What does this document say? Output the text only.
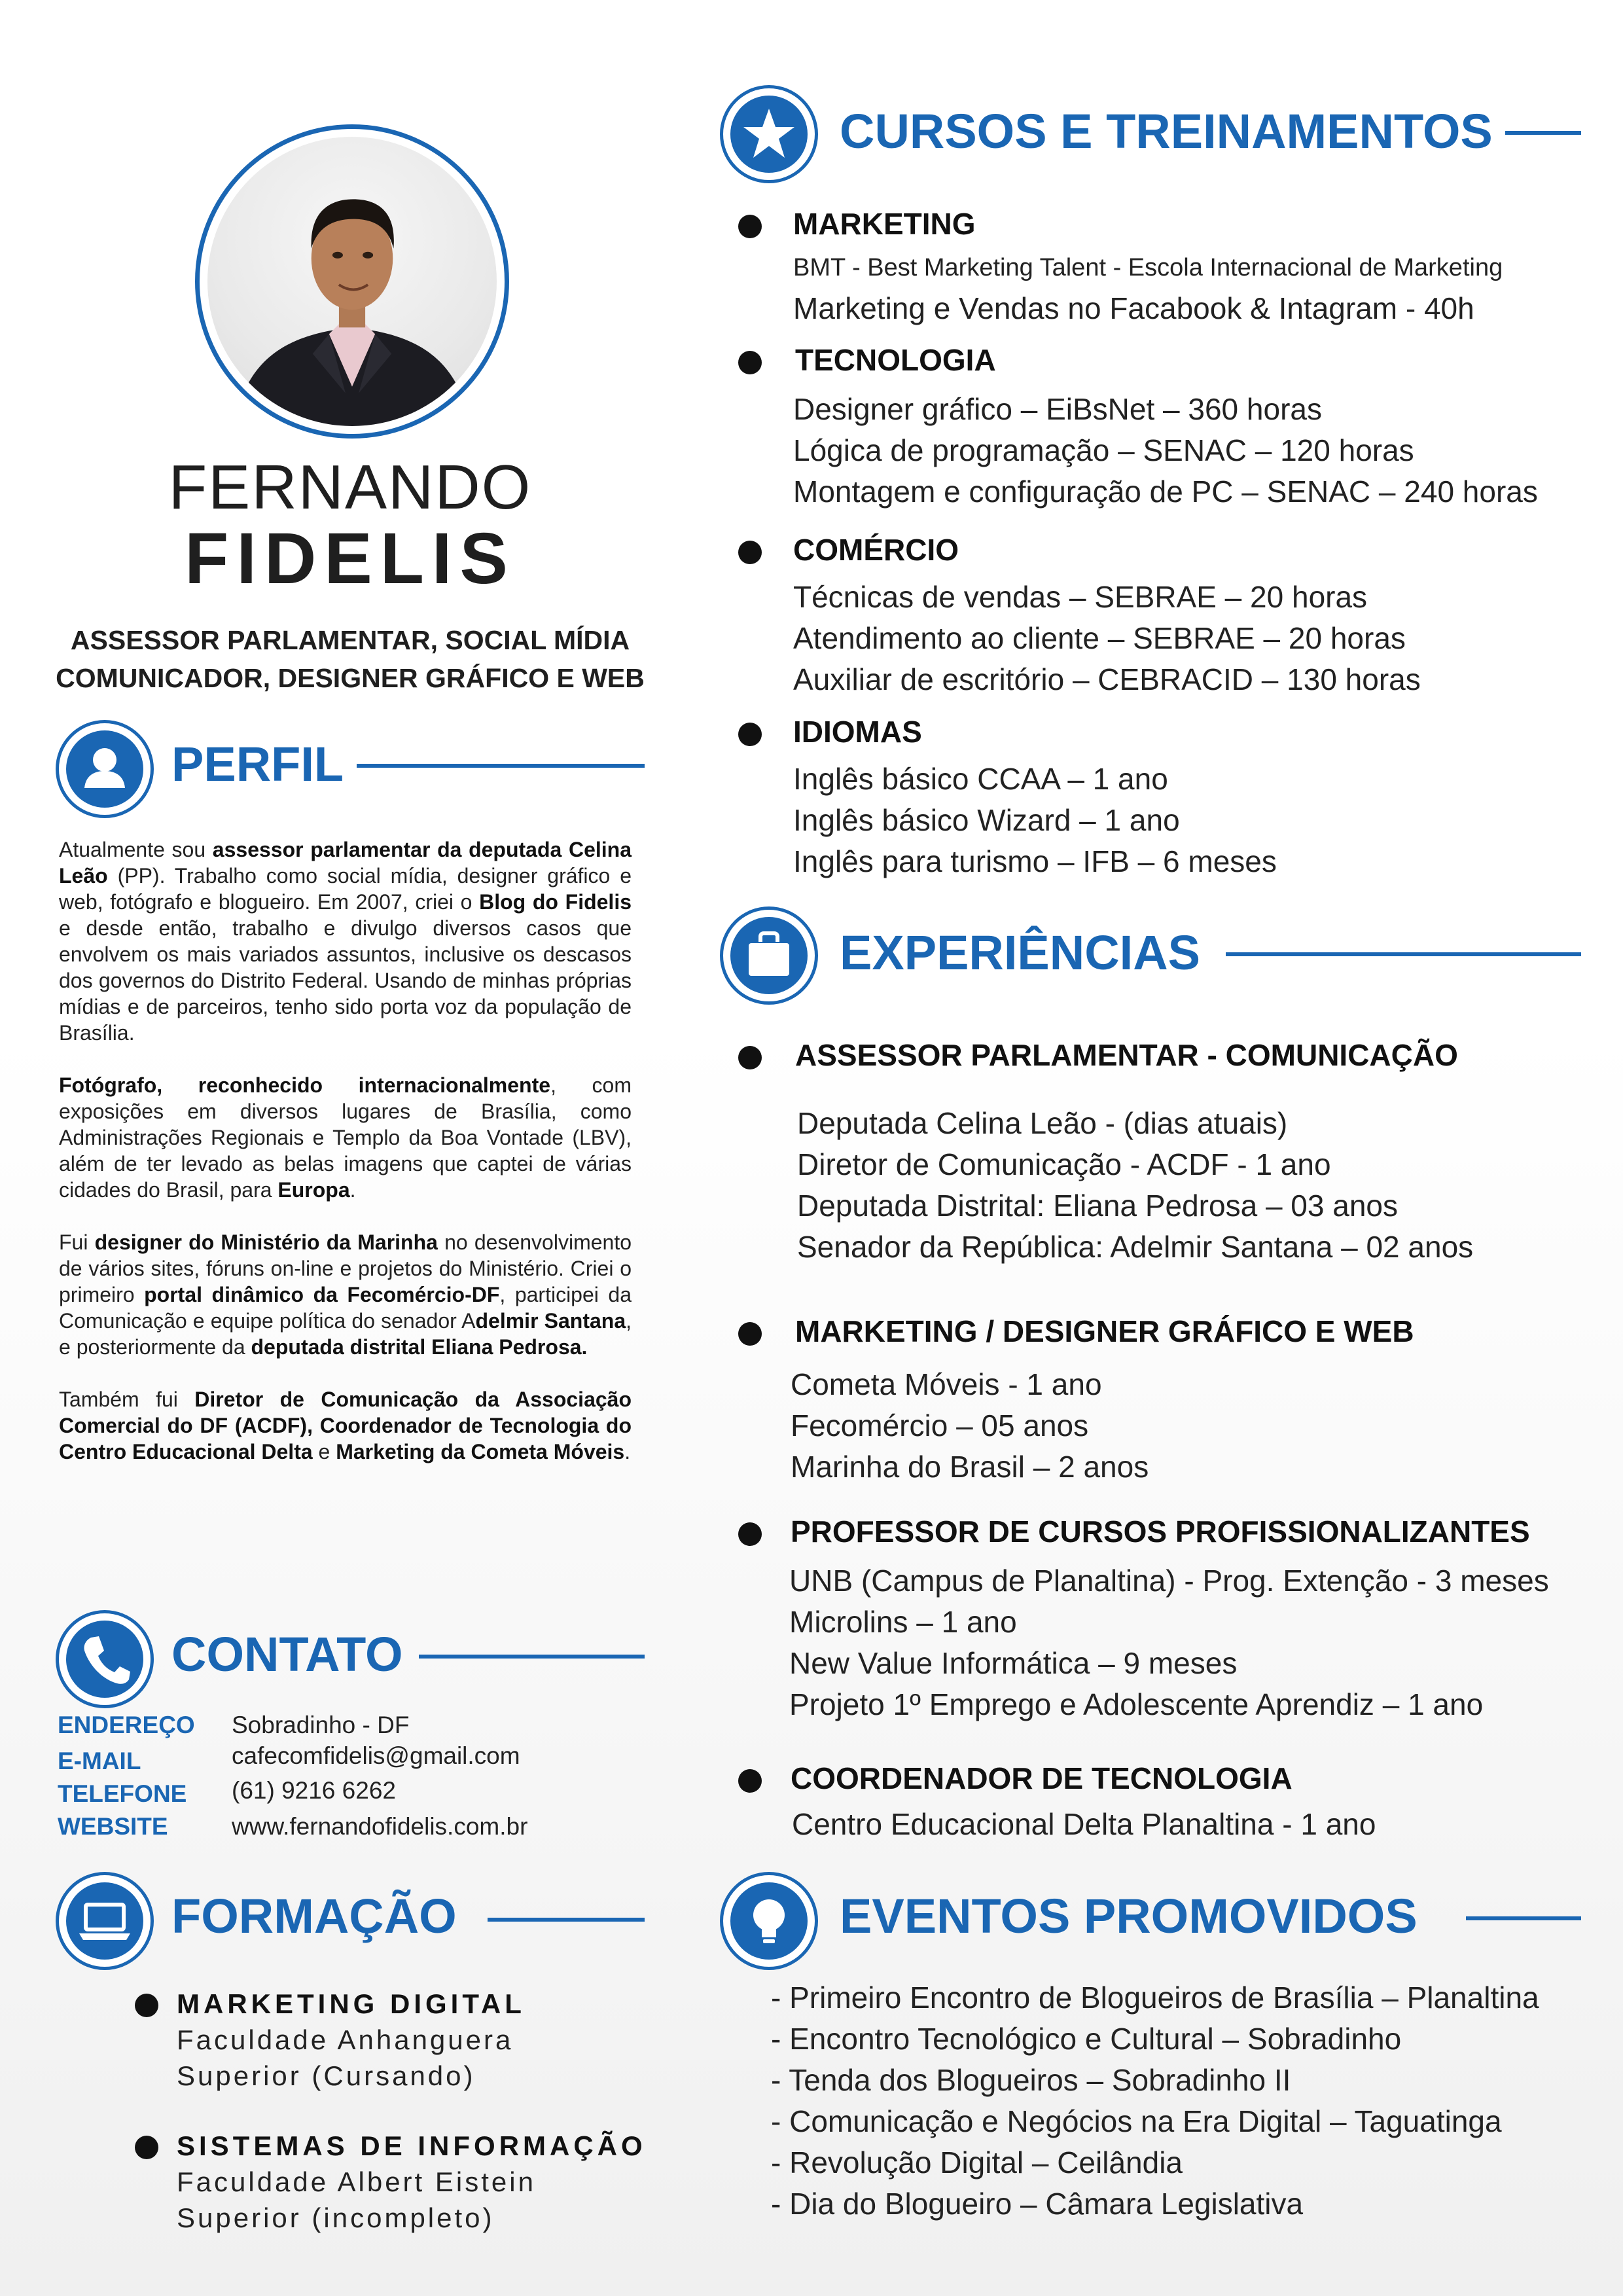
FERNANDO
FIDELIS
ASSESSOR PARLAMENTAR, SOCIAL MÍDIA
COMUNICADOR, DESIGNER GRÁFICO E WEB
PERFIL

Atualmente sou assessor parlamentar da deputada Celina Leão (PP). Trabalho como social mídia, designer gráfico e web, fotógrafo e blogueiro. Em 2007, criei o Blog do Fidelis e desde então, trabalho e divulgo diversos casos que envolvem os mais variados assuntos, inclusive os descasos dos governos do Distrito Federal. Usando de minhas próprias mídias e de parceiros, tenho sido porta voz da população de Brasília.

Fotógrafo, reconhecido internacionalmente, com exposições em diversos lugares de Brasília, como Administrações Regionais e Templo da Boa Vontade (LBV), além de ter levado as belas imagens que captei de várias cidades do Brasil, para Europa.

Fui designer do Ministério da Marinha no desenvolvimento de vários sites, fóruns on-line e projetos do Ministério. Criei o primeiro portal dinâmico da Fecomércio-DF, participei da Comunicação e equipe política do senador Adelmir Santana, e posteriormente da deputada distrital Eliana Pedrosa.

Também fui Diretor de Comunicação da Associação Comercial do DF (ACDF), Coordenador de Tecnologia do Centro Educacional Delta e Marketing da Cometa Móveis.

CONTATO
ENDEREÇO Sobradinho - DF
E-MAIL	cafecomfidelis@gmail.com
TELEFONE (61) 9216 6262
WEBSITE	www.fernandofidelis.com.br
FORMAÇÃO
MARKETING DIGITAL
Faculdade Anhanguera
Superior (Cursando)
SISTEMAS DE INFORMAÇÃO
Faculdade Albert Eistein
Superior (incompleto)
CURSOS E TREINAMENTOS
MARKETING
BMT - Best Marketing Talent - Escola Internacional de Marketing
Marketing e Vendas no Facabook & Intagram - 40h
TECNOLOGIA
Designer gráfico – EiBsNet – 360 horas
Lógica de programação – SENAC – 120 horas
Montagem e configuração de PC – SENAC – 240 horas
COMÉRCIO
Técnicas de vendas – SEBRAE – 20 horas
Atendimento ao cliente – SEBRAE – 20 horas
Auxiliar de escritório – CEBRACID – 130 horas
IDIOMAS
Inglês básico CCAA – 1 ano
Inglês básico Wizard – 1 ano
Inglês para turismo – IFB – 6 meses
EXPERIÊNCIAS
ASSESSOR PARLAMENTAR - COMUNICAÇÃO
Deputada Celina Leão - (dias atuais)
Diretor de Comunicação - ACDF - 1 ano
Deputada Distrital: Eliana Pedrosa – 03 anos
Senador da República: Adelmir Santana – 02 anos
MARKETING / DESIGNER GRÁFICO E WEB
Cometa Móveis - 1 ano
Fecomércio – 05 anos
Marinha do Brasil – 2 anos
PROFESSOR DE CURSOS PROFISSIONALIZANTES
UNB (Campus de Planaltina) - Prog. Extenção - 3 meses
Microlins – 1 ano
New Value Informática – 9 meses
Projeto 1º Emprego e Adolescente Aprendiz – 1 ano
COORDENADOR DE TECNOLOGIA
Centro Educacional Delta Planaltina - 1 ano
EVENTOS PROMOVIDOS
- Primeiro Encontro de Blogueiros de Brasília – Planaltina
- Encontro Tecnológico e Cultural – Sobradinho
- Tenda dos Blogueiros – Sobradinho II
- Comunicação e Negócios na Era Digital – Taguatinga
- Revolução Digital – Ceilândia
- Dia do Blogueiro – Câmara Legislativa
